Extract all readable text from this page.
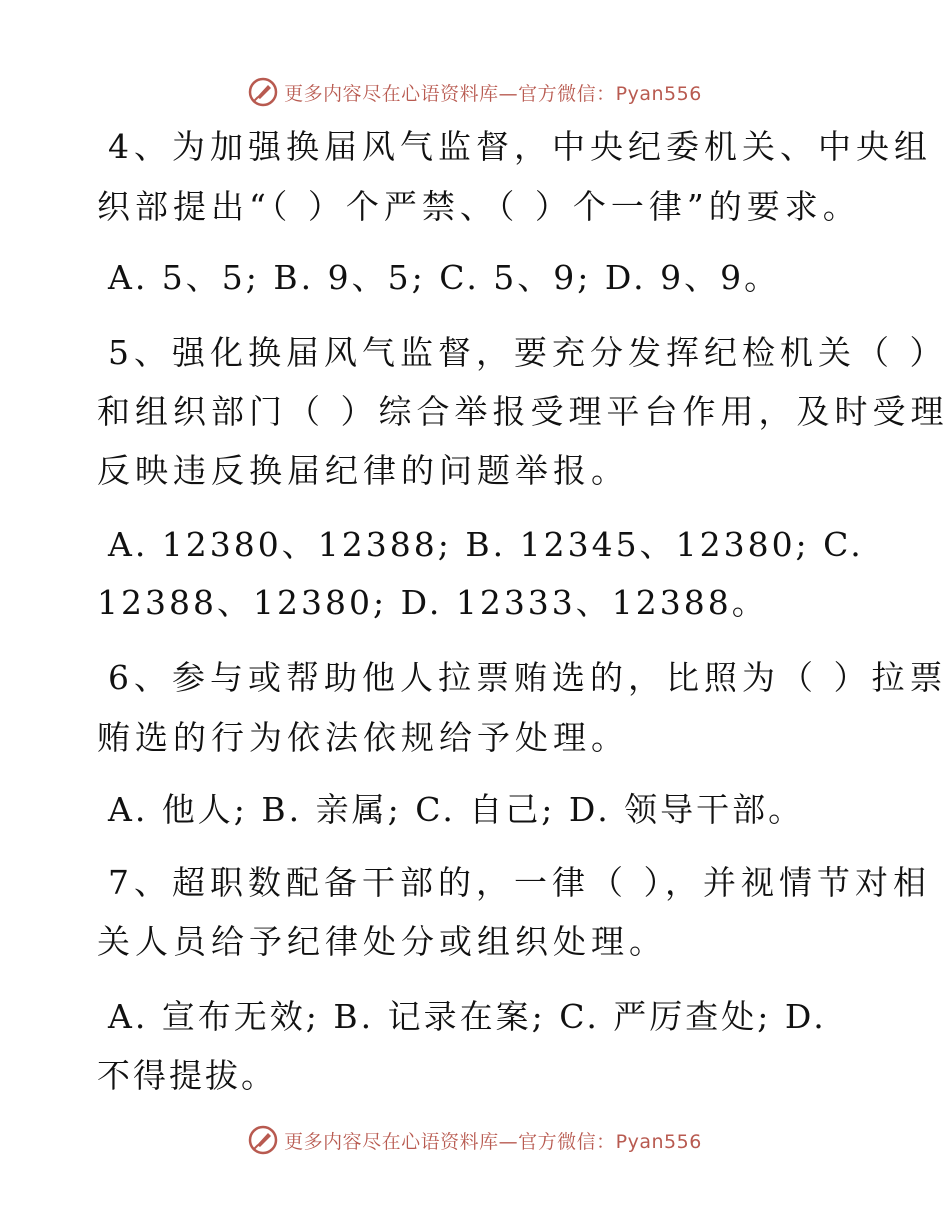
更多内容尽在心语资料库—官方微信：Pyan556
4、为加强换届风气监督，中央纪委机关、中央组
织部提出“（ ）个严禁、（ ）个一律”的要求。
A. 5、5; B. 9、5; C. 5、9; D. 9、9。
5、强化换届风气监督，要充分发挥纪检机关（ ）
和组织部门（ ）综合举报受理平台作用，及时受理
反映违反换届纪律的问题举报。
A. 12380、12388; B. 12345、12380; C.
12388、12380; D. 12333、12388。
6、参与或帮助他人拉票贿选的，比照为（ ）拉票
贿选的行为依法依规给予处理。
A. 他人; B. 亲属; C. 自己; D. 领导干部。
7、超职数配备干部的，一律（ ），并视情节对相
关人员给予纪律处分或组织处理。
A. 宣布无效; B. 记录在案; C. 严厉查处; D.
不得提拔。
更多内容尽在心语资料库—官方微信：Pyan556
